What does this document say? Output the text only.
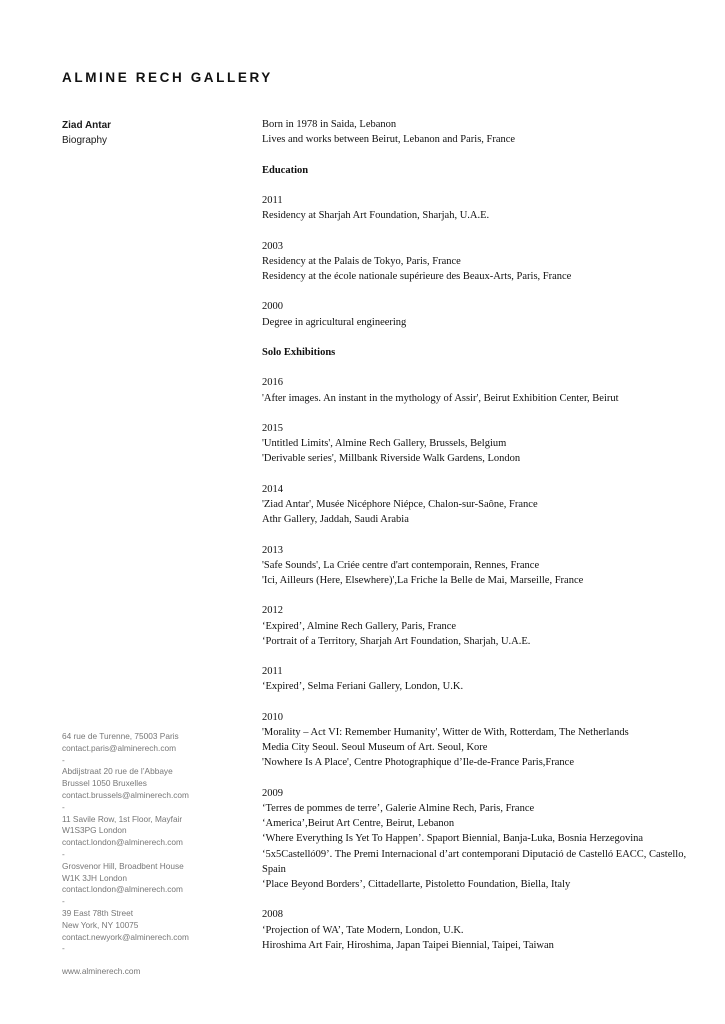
ALMINE RECH GALLERY
Ziad Antar
Biography

Born in 1978 in Saida, Lebanon

Lives and works between Beirut, Lebanon and Paris, France

Education

2011

Residency at Sharjah Art Foundation, Sharjah, U.A.E.

2003

Residency at the Palais de Tokyo, Paris, France

Residency at the école nationale supérieure des Beaux-Arts, Paris, France

2000

Degree in agricultural engineering

Solo Exhibitions

2016

'After images. An instant in the mythology of Assir', Beirut Exhibition Center, Beirut

2015

'Untitled Limits', Almine Rech Gallery, Brussels, Belgium

'Derivable series', Millbank Riverside Walk Gardens, London

2014

'Ziad Antar', Musée Nicéphore Niépce, Chalon-sur-Saône, France

Athr Gallery, Jaddah, Saudi Arabia

2013

'Safe Sounds', La Criée centre d'art contemporain, Rennes, France

'Ici, Ailleurs (Here, Elsewhere)',La Friche la Belle de Mai, Marseille, France

2012

‘Expired’, Almine Rech Gallery, Paris, France

‘Portrait of a Territory, Sharjah Art Foundation, Sharjah, U.A.E.

2011

‘Expired’, Selma Feriani Gallery, London, U.K.

2010

'Morality – Act VI: Remember Humanity', Witter de With, Rotterdam, The Netherlands

Media City Seoul. Seoul Museum of Art. Seoul, Kore

'Nowhere Is A Place', Centre Photographique d’Ile-de-France Paris,France

2009

‘Terres de pommes de terre’, Galerie Almine Rech, Paris, France

‘America’,Beirut Art Centre, Beirut, Lebanon

‘Where Everything Is Yet To Happen’. Spaport Biennial, Banja-Luka, Bosnia Herzegovina

‘5x5Castelló09’. The Premi Internacional d’art contemporani Diputació de Castelló EACC, Castello, Spain

‘Place Beyond Borders’, Cittadellarte, Pistoletto Foundation, Biella, Italy

2008

‘Projection of WA’, Tate Modern, London, U.K.

Hiroshima Art Fair, Hiroshima, Japan Taipei Biennial, Taipei, Taiwan

64 rue de Turenne, 75003 Paris

contact.paris@alminerech.com

-

Abdijstraat 20 rue de l’Abbaye

Brussel 1050 Bruxelles

contact.brussels@alminerech.com

-

11 Savile Row, 1st Floor, Mayfair

W1S3PG London

contact.london@alminerech.com

-

Grosvenor Hill, Broadbent House

W1K 3JH London

contact.london@alminerech.com

-

39 East 78th Street

New York, NY 10075

contact.newyork@alminerech.com

-

www.alminerech.com
